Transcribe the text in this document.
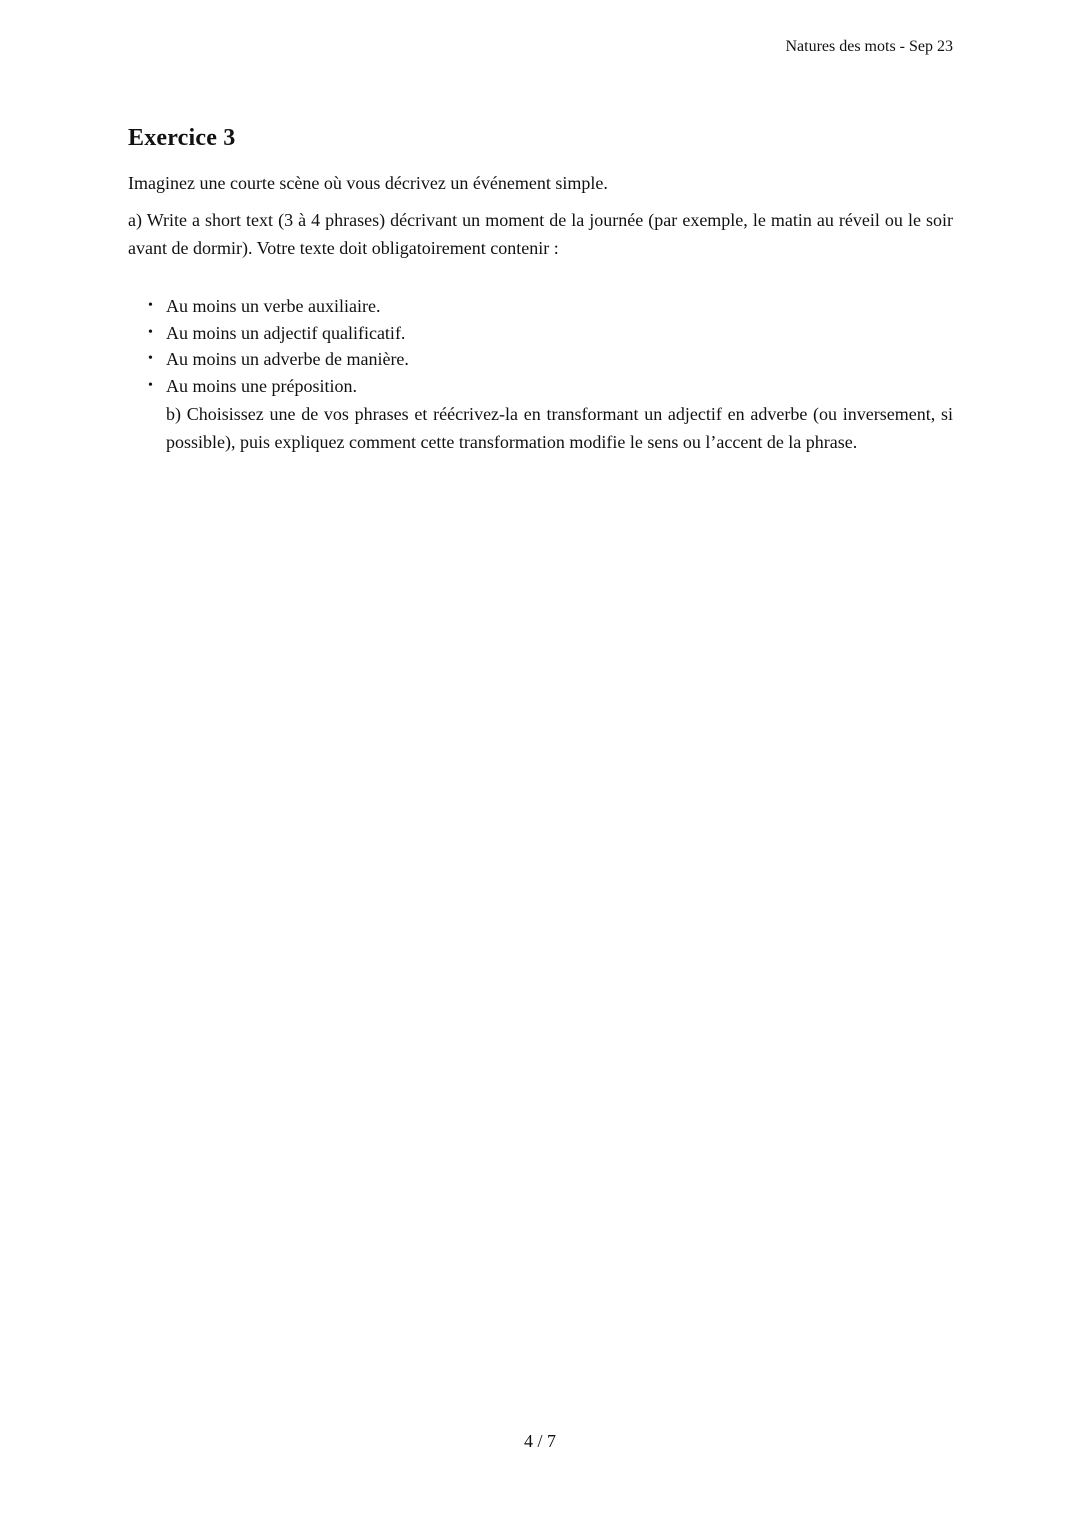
Natures des mots - Sep 23
Exercice 3

Imaginez une courte scène où vous décrivez un événement simple.

a) Write a short text (3 à 4 phrases) décrivant un moment de la journée (par exemple, le matin au réveil ou le soir avant de dormir). Votre texte doit obligatoirement contenir :

• Au moins un verbe auxiliaire.
• Au moins un adjectif qualificatif.
• Au moins un adverbe de manière.
• Au moins une préposition.

b) Choisissez une de vos phrases et réécrivez-la en transformant un adjectif en adverbe (ou inversement, si possible), puis expliquez comment cette transformation modifie le sens ou l’accent de la phrase.

4 / 7
